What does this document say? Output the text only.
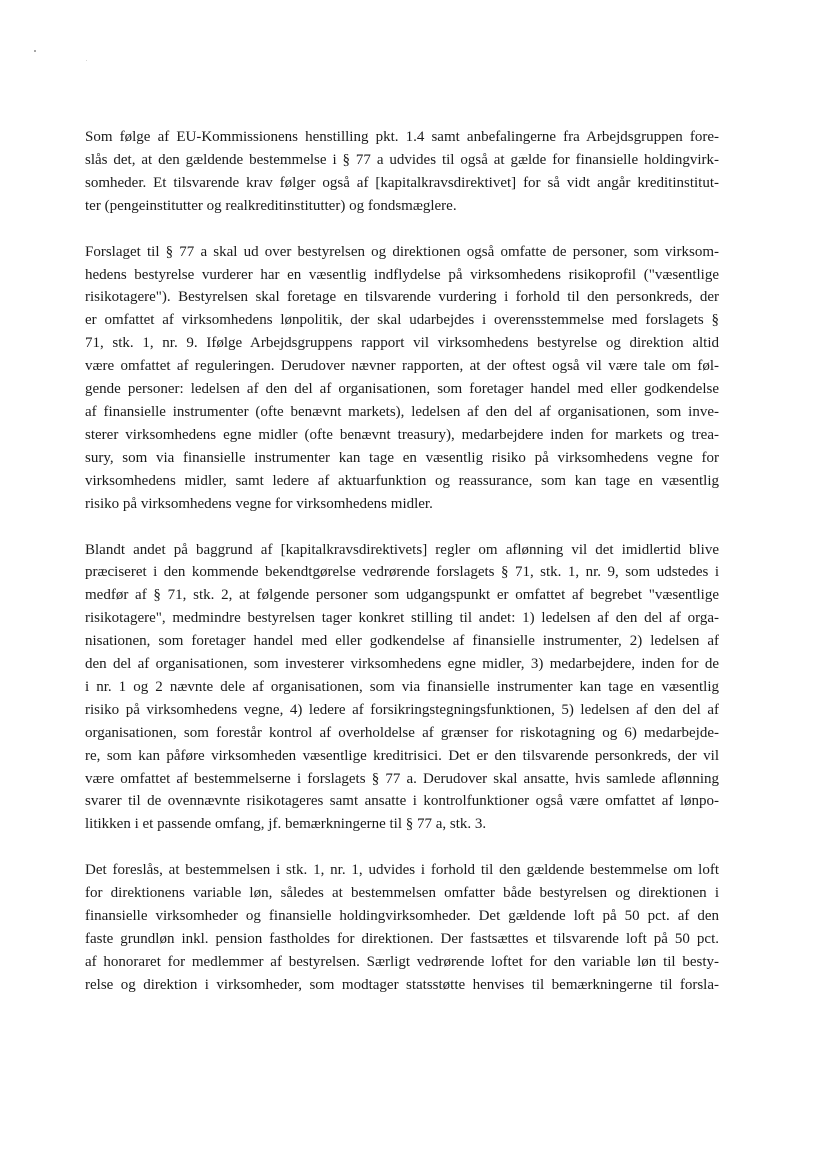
Som følge af EU-Kommissionens henstilling pkt. 1.4 samt anbefalingerne fra Arbejdsgruppen fore-
slås det, at den gældende bestemmelse i § 77 a udvides til også at gælde for finansielle holdingvirk-
somheder. Et tilsvarende krav følger også af [kapitalkravsdirektivet] for så vidt angår kreditinstitut-
ter (pengeinstitutter og realkreditinstitutter) og fondsmæglere.

Forslaget til § 77 a skal ud over bestyrelsen og direktionen også omfatte de personer, som virksom-
hedens bestyrelse vurderer har en væsentlig indflydelse på virksomhedens risikoprofil ("væsentlige
risikotagere"). Bestyrelsen skal foretage en tilsvarende vurdering i forhold til den personkreds, der
er omfattet af virksomhedens lønpolitik, der skal udarbejdes i overensstemmelse med forslagets §
71, stk. 1, nr. 9. Ifølge Arbejdsgruppens rapport vil virksomhedens bestyrelse og direktion altid
være omfattet af reguleringen. Derudover nævner rapporten, at der oftest også vil være tale om føl-
gende personer: ledelsen af den del af organisationen, som foretager handel med eller godkendelse
af finansielle instrumenter (ofte benævnt markets), ledelsen af den del af organisationen, som inve-
sterer virksomhedens egne midler (ofte benævnt treasury), medarbejdere inden for markets og trea-
sury, som via finansielle instrumenter kan tage en væsentlig risiko på virksomhedens vegne for
virksomhedens midler, samt ledere af aktuarfunktion og reassurance, som kan tage en væsentlig
risiko på virksomhedens vegne for virksomhedens midler.

Blandt andet på baggrund af [kapitalkravsdirektivets] regler om aflønning vil det imidlertid blive
præciseret i den kommende bekendtgørelse vedrørende forslagets § 71, stk. 1, nr. 9, som udstedes i
medfør af § 71, stk. 2, at følgende personer som udgangspunkt er omfattet af begrebet "væsentlige
risikotagere", medmindre bestyrelsen tager konkret stilling til andet: 1) ledelsen af den del af orga-
nisationen, som foretager handel med eller godkendelse af finansielle instrumenter, 2) ledelsen af
den del af organisationen, som investerer virksomhedens egne midler, 3) medarbejdere, inden for de
i nr. 1 og 2 nævnte dele af organisationen, som via finansielle instrumenter kan tage en væsentlig
risiko på virksomhedens vegne, 4) ledere af forsikringstegningsfunktionen, 5) ledelsen af den del af
organisationen, som forestår kontrol af overholdelse af grænser for riskotagning og 6) medarbejde-
re, som kan påføre virksomheden væsentlige kreditrisici. Det er den tilsvarende personkreds, der vil
være omfattet af bestemmelserne i forslagets § 77 a. Derudover skal ansatte, hvis samlede aflønning
svarer til de ovennævnte risikotageres samt ansatte i kontrolfunktioner også være omfattet af lønpo-
litikken i et passende omfang, jf. bemærkningerne til § 77 a, stk. 3.

Det foreslås, at bestemmelsen i stk. 1, nr. 1, udvides i forhold til den gældende bestemmelse om loft
for direktionens variable løn, således at bestemmelsen omfatter både bestyrelsen og direktionen i
finansielle virksomheder og finansielle holdingvirksomheder. Det gældende loft på 50 pct. af den
faste grundløn inkl. pension fastholdes for direktionen. Der fastsættes et tilsvarende loft på 50 pct.
af honoraret for medlemmer af bestyrelsen. Særligt vedrørende loftet for den variable løn til besty-
relse og direktion i virksomheder, som modtager statsstøtte henvises til bemærkningerne til forsla-
